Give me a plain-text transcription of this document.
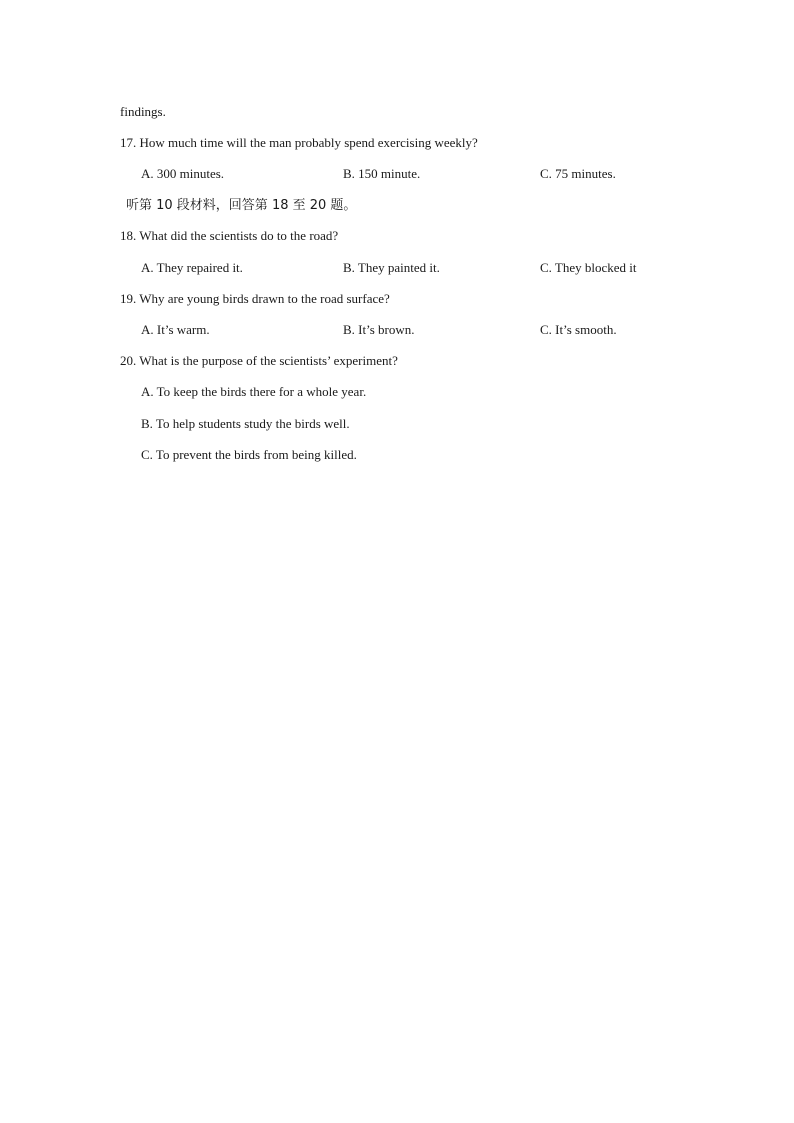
findings.
17. How much time will the man probably spend exercising weekly?
A. 300 minutes.	B. 150 minute.	C. 75 minutes.
听第 10 段材料，回答第 18 至 20 题。
18. What did the scientists do to the road?
A. They repaired it.	B. They painted it.	C. They blocked it
19. Why are young birds drawn to the road surface?
A. It’s warm.	B. It’s brown.	C. It’s smooth.
20. What is the purpose of the scientists’ experiment?
A. To keep the birds there for a whole year.
B. To help students study the birds well.
C. To prevent the birds from being killed.
